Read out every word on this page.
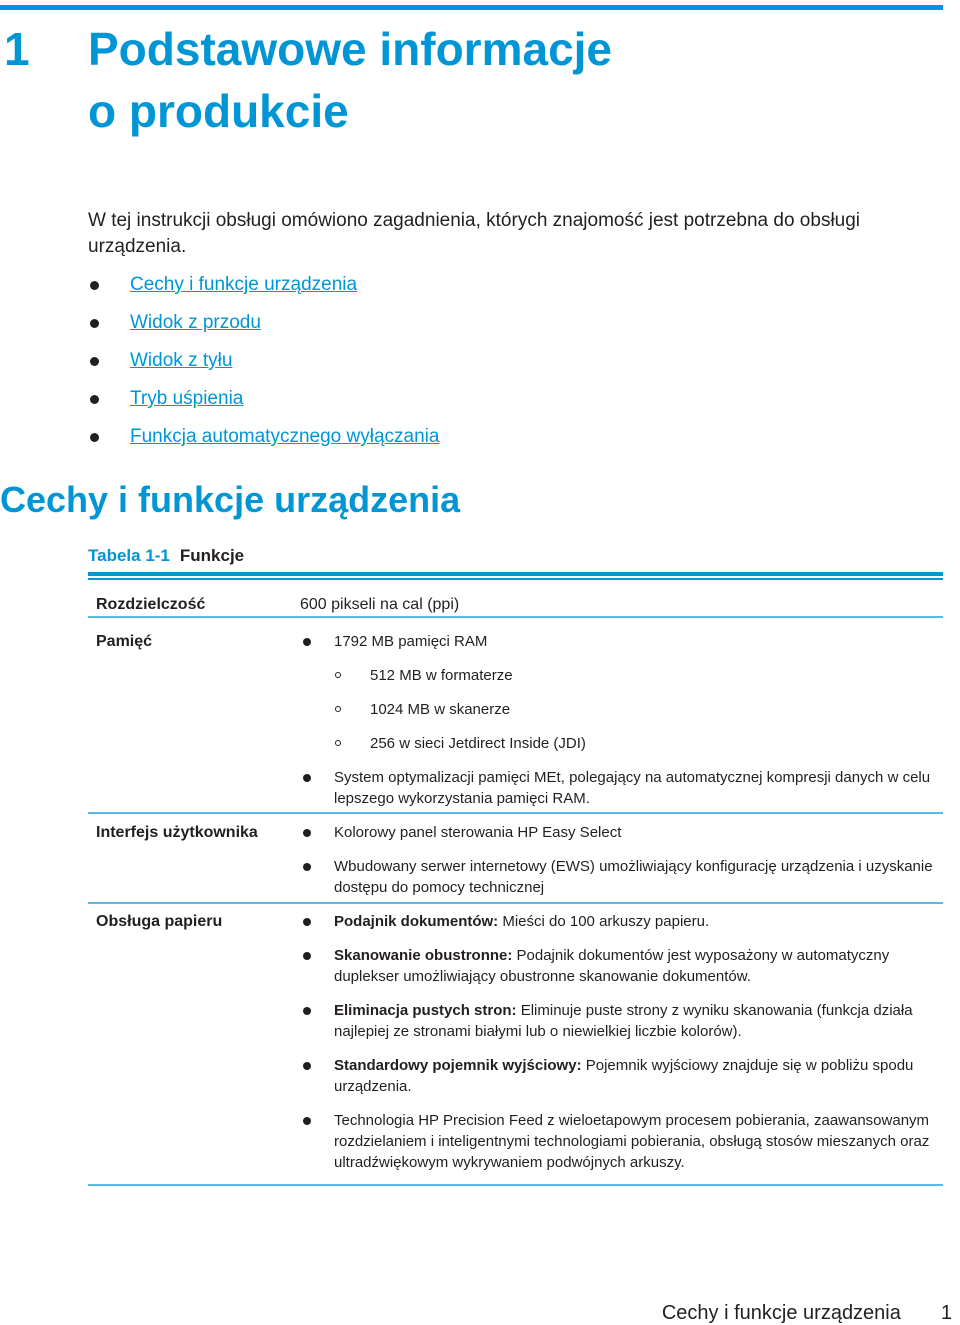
1 Podstawowe informacje
o produkcie

W tej instrukcji obsługi omówiono zagadnienia, których znajomość jest potrzebna do obsługi urządzenia.

Cechy i funkcje urządzenia
Widok z przodu
Widok z tyłu
Tryb uśpienia
Funkcja automatycznego wyłączania
Cechy i funkcje urządzenia
Tabela 1-1 Funkcje
Rozdzielczość	600 pikseli na cal (ppi)
Pamięć	1792 MB pamięci RAM
512 MB w formaterze
1024 MB w skanerze
256 w sieci Jetdirect Inside (JDI)
System optymalizacji pamięci MEt, polegający na automatycznej kompresji danych w celu lepszego wykorzystania pamięci RAM.
Interfejs użytkownika	Kolorowy panel sterowania HP Easy Select
Wbudowany serwer internetowy (EWS) umożliwiający konfigurację urządzenia i uzyskanie dostępu do pomocy technicznej
Obsługa papieru	Podajnik dokumentów: Mieści do 100 arkuszy papieru.
Skanowanie obustronne: Podajnik dokumentów jest wyposażony w automatyczny duplekser umożliwiający obustronne skanowanie dokumentów.
Eliminacja pustych stron: Eliminuje puste strony z wyniku skanowania (funkcja działa najlepiej ze stronami białymi lub o niewielkiej liczbie kolorów).
Standardowy pojemnik wyjściowy: Pojemnik wyjściowy znajduje się w pobliżu spodu urządzenia.
Technologia HP Precision Feed z wieloetapowym procesem pobierania, zaawansowanym rozdzielaniem i inteligentnymi technologiami pobierania, obsługą stosów mieszanych oraz ultradźwiękowym wykrywaniem podwójnych arkuszy.
Cechy i funkcje urządzenia 1
